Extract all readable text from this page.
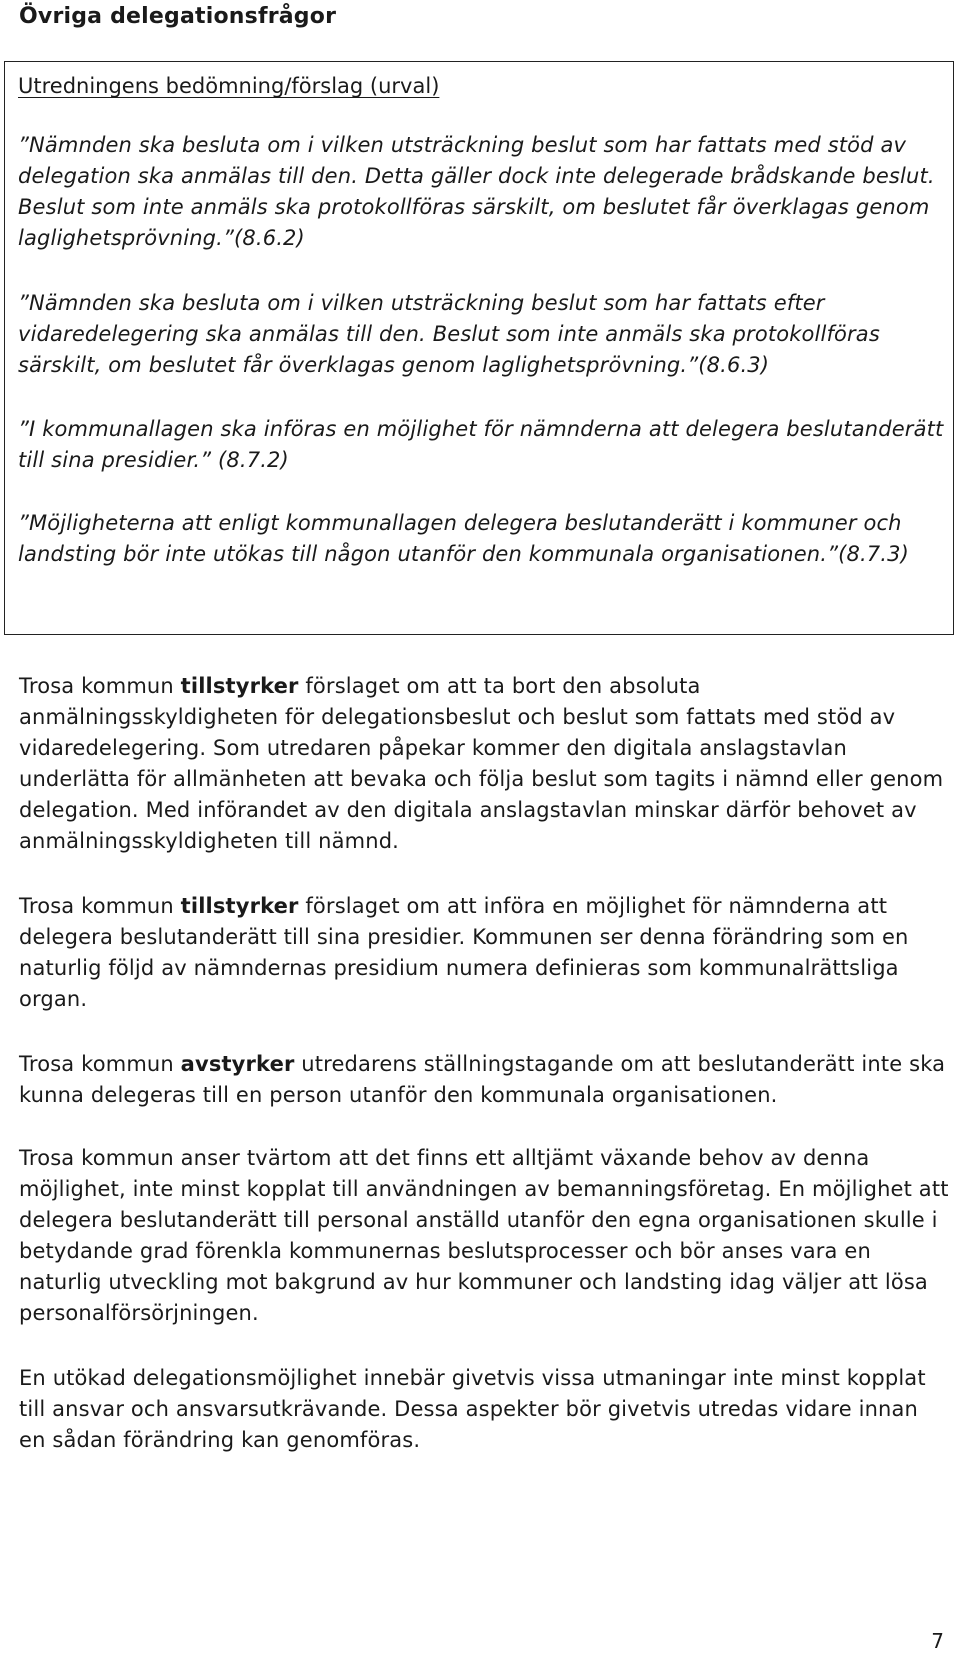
Övriga delegationsfrågor
Utredningens bedömning/förslag (urval)

”Nämnden ska besluta om i vilken utsträckning beslut som har fattats med stöd av delegation ska anmälas till den. Detta gäller dock inte delegerade brådskande beslut. Beslut som inte anmäls ska protokollföras särskilt, om beslutet får överklagas genom laglighetsprövning.”(8.6.2)

”Nämnden ska besluta om i vilken utsträckning beslut som har fattats efter vidaredelegering ska anmälas till den. Beslut som inte anmäls ska protokollföras särskilt, om beslutet får överklagas genom laglighetsprövning.”(8.6.3)

”I kommunallagen ska införas en möjlighet för nämnderna att delegera beslutanderätt till sina presidier.” (8.7.2)

”Möjligheterna att enligt kommunallagen delegera beslutanderätt i kommuner och landsting bör inte utökas till någon utanför den kommunala organisationen.”(8.7.3)

Trosa kommun tillstyrker förslaget om att ta bort den absoluta anmälningsskyldigheten för delegationsbeslut och beslut som fattats med stöd av vidaredelegering. Som utredaren påpekar kommer den digitala anslagstavlan underlätta för allmänheten att bevaka och följa beslut som tagits i nämnd eller genom delegation. Med införandet av den digitala anslagstavlan minskar därför behovet av anmälningsskyldigheten till nämnd.

Trosa kommun tillstyrker förslaget om att införa en möjlighet för nämnderna att delegera beslutanderätt till sina presidier. Kommunen ser denna förändring som en naturlig följd av nämndernas presidium numera definieras som kommunalrättsliga organ.

Trosa kommun avstyrker utredarens ställningstagande om att beslutanderätt inte ska kunna delegeras till en person utanför den kommunala organisationen.

Trosa kommun anser tvärtom att det finns ett alltjämt växande behov av denna möjlighet, inte minst kopplat till användningen av bemanningsföretag. En möjlighet att delegera beslutanderätt till personal anställd utanför den egna organisationen skulle i betydande grad förenkla kommunernas beslutsprocesser och bör anses vara en naturlig utveckling mot bakgrund av hur kommuner och landsting idag väljer att lösa personalförsörjningen.

En utökad delegationsmöjlighet innebär givetvis vissa utmaningar inte minst kopplat till ansvar och ansvarsutkrävande. Dessa aspekter bör givetvis utredas vidare innan en sådan förändring kan genomföras.

7
